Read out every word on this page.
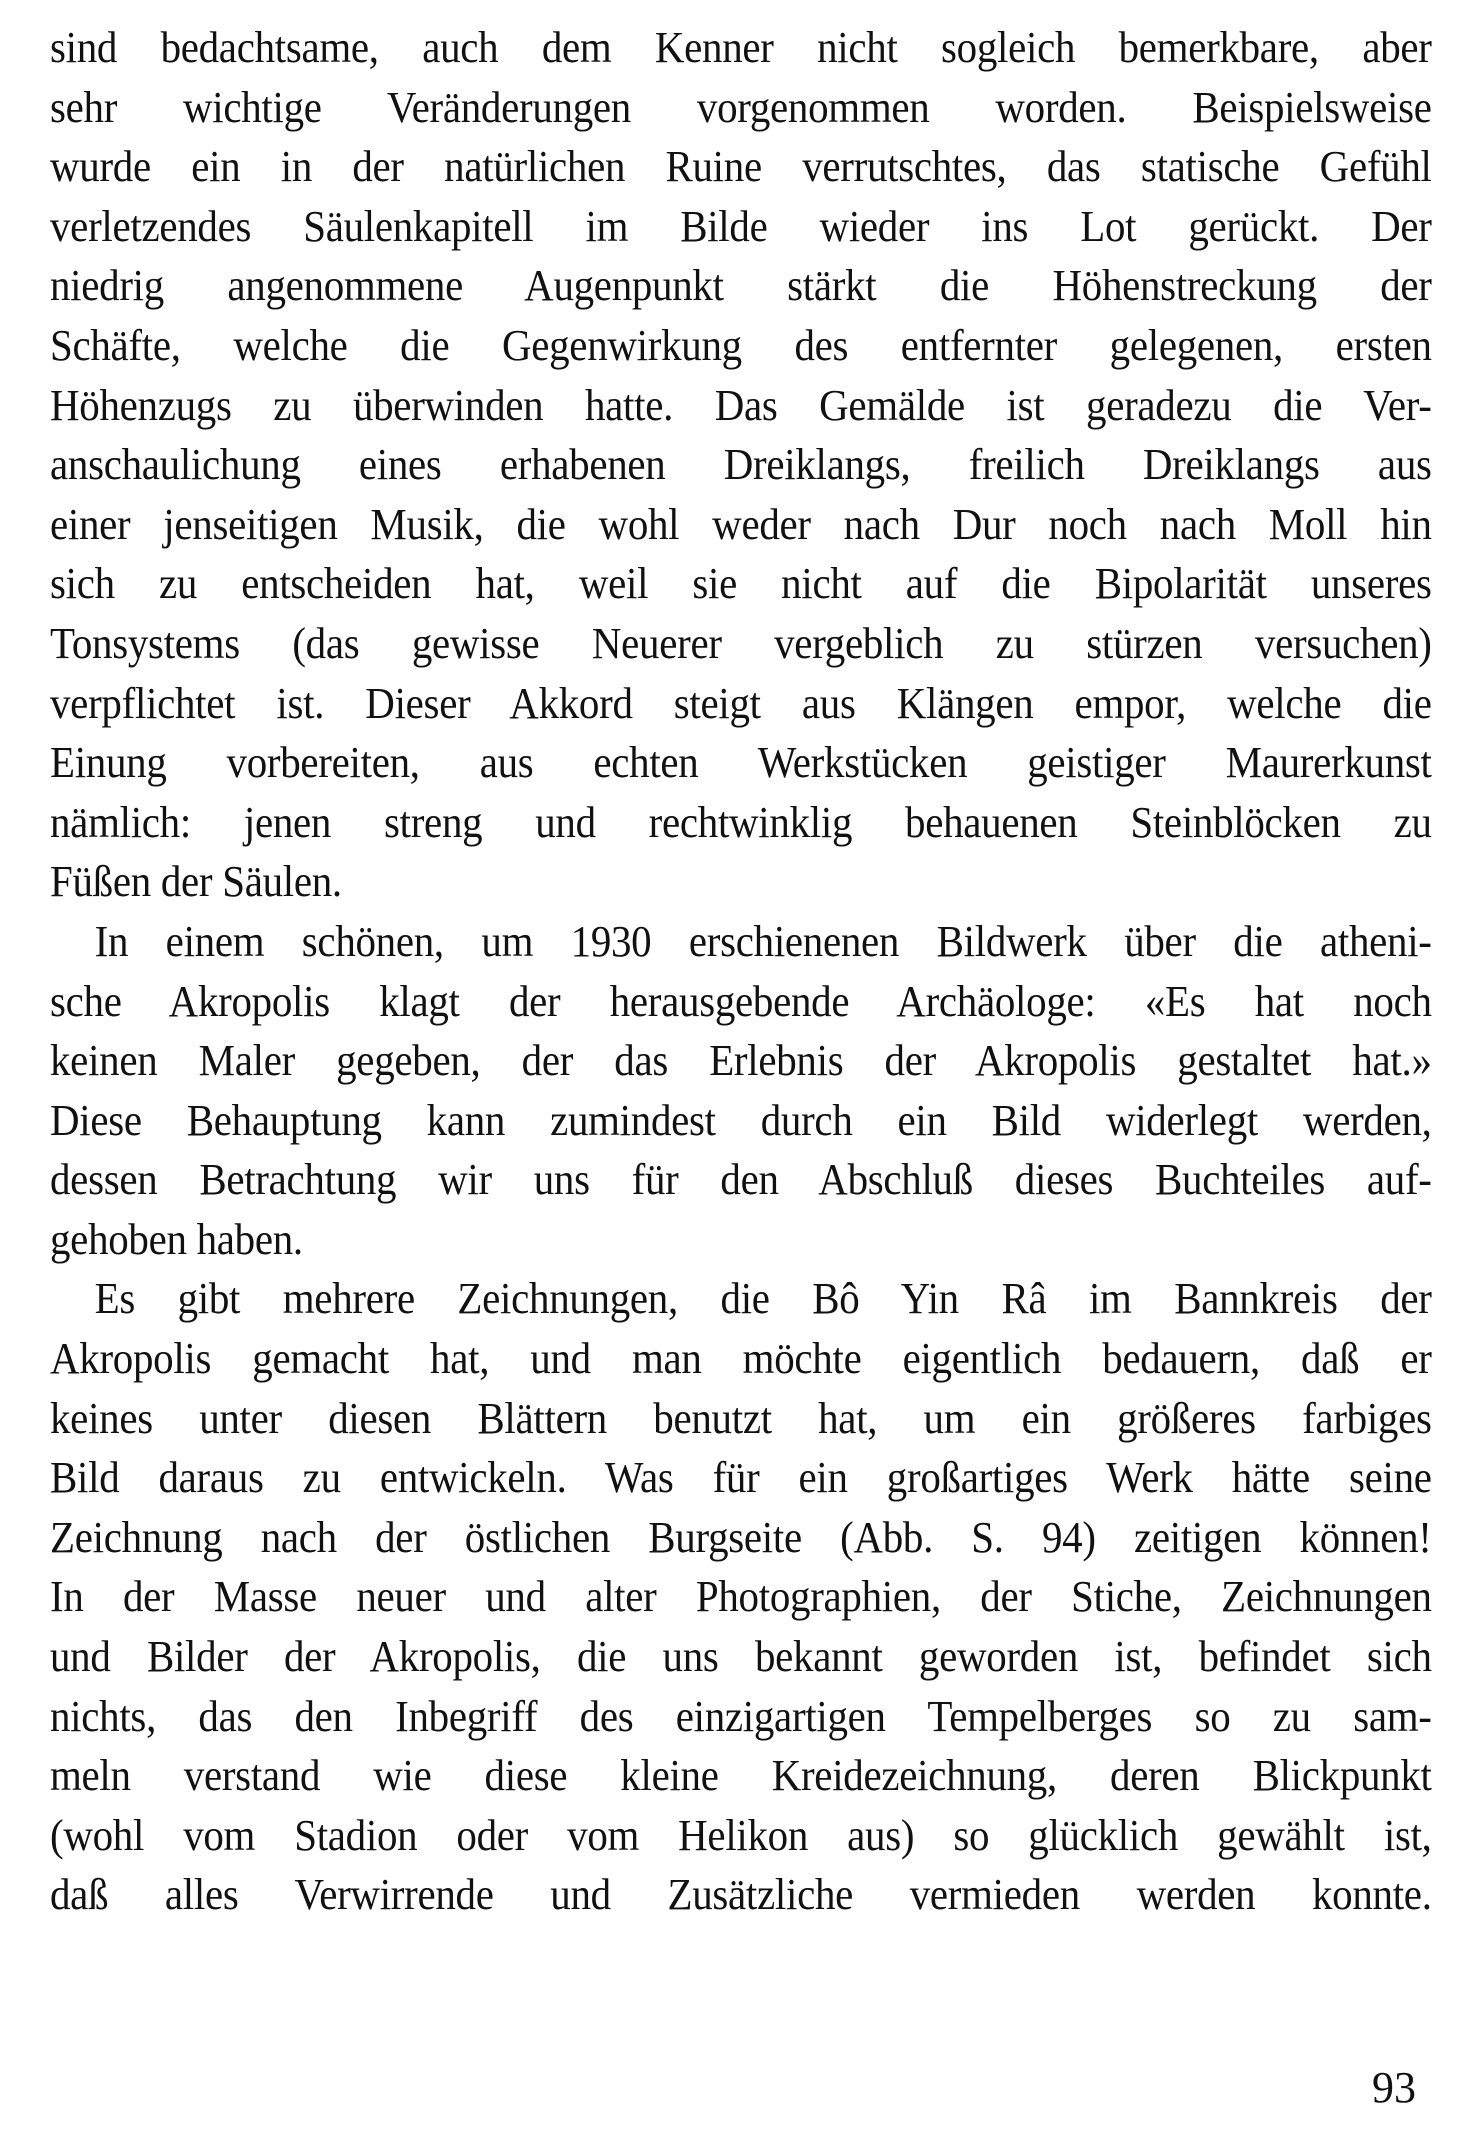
sind bedachtsame, auch dem Kenner nicht sogleich bemerkbare, aber
sehr wichtige Veränderungen vorgenommen worden. Beispielsweise
wurde ein in der natürlichen Ruine verrutschtes, das statische Gefühl
verletzendes Säulenkapitell im Bilde wieder ins Lot gerückt. Der
niedrig angenommene Augenpunkt stärkt die Höhenstreckung der
Schäfte, welche die Gegenwirkung des entfernter gelegenen, ersten
Höhenzugs zu überwinden hatte. Das Gemälde ist geradezu die Ver-
anschaulichung eines erhabenen Dreiklangs, freilich Dreiklangs aus
einer jenseitigen Musik, die wohl weder nach Dur noch nach Moll hin
sich zu entscheiden hat, weil sie nicht auf die Bipolarität unseres
Tonsystems (das gewisse Neuerer vergeblich zu stürzen versuchen)
verpflichtet ist. Dieser Akkord steigt aus Klängen empor, welche die
Einung vorbereiten, aus echten Werkstücken geistiger Maurerkunst
nämlich: jenen streng und rechtwinklig behauenen Steinblöcken zu
Füßen der Säulen.
In einem schönen, um 1930 erschienenen Bildwerk über die atheni-
sche Akropolis klagt der herausgebende Archäologe: «Es hat noch
keinen Maler gegeben, der das Erlebnis der Akropolis gestaltet hat.»
Diese Behauptung kann zumindest durch ein Bild widerlegt werden,
dessen Betrachtung wir uns für den Abschluß dieses Buchteiles auf-
gehoben haben.
Es gibt mehrere Zeichnungen, die Bô Yin Râ im Bannkreis der
Akropolis gemacht hat, und man möchte eigentlich bedauern, daß er
keines unter diesen Blättern benutzt hat, um ein größeres farbiges
Bild daraus zu entwickeln. Was für ein großartiges Werk hätte seine
Zeichnung nach der östlichen Burgseite (Abb. S. 94) zeitigen können!
In der Masse neuer und alter Photographien, der Stiche, Zeichnungen
und Bilder der Akropolis, die uns bekannt geworden ist, befindet sich
nichts, das den Inbegriff des einzigartigen Tempelberges so zu sam-
meln verstand wie diese kleine Kreidezeichnung, deren Blickpunkt
(wohl vom Stadion oder vom Helikon aus) so glücklich gewählt ist,
daß alles Verwirrende und Zusätzliche vermieden werden konnte.
93
